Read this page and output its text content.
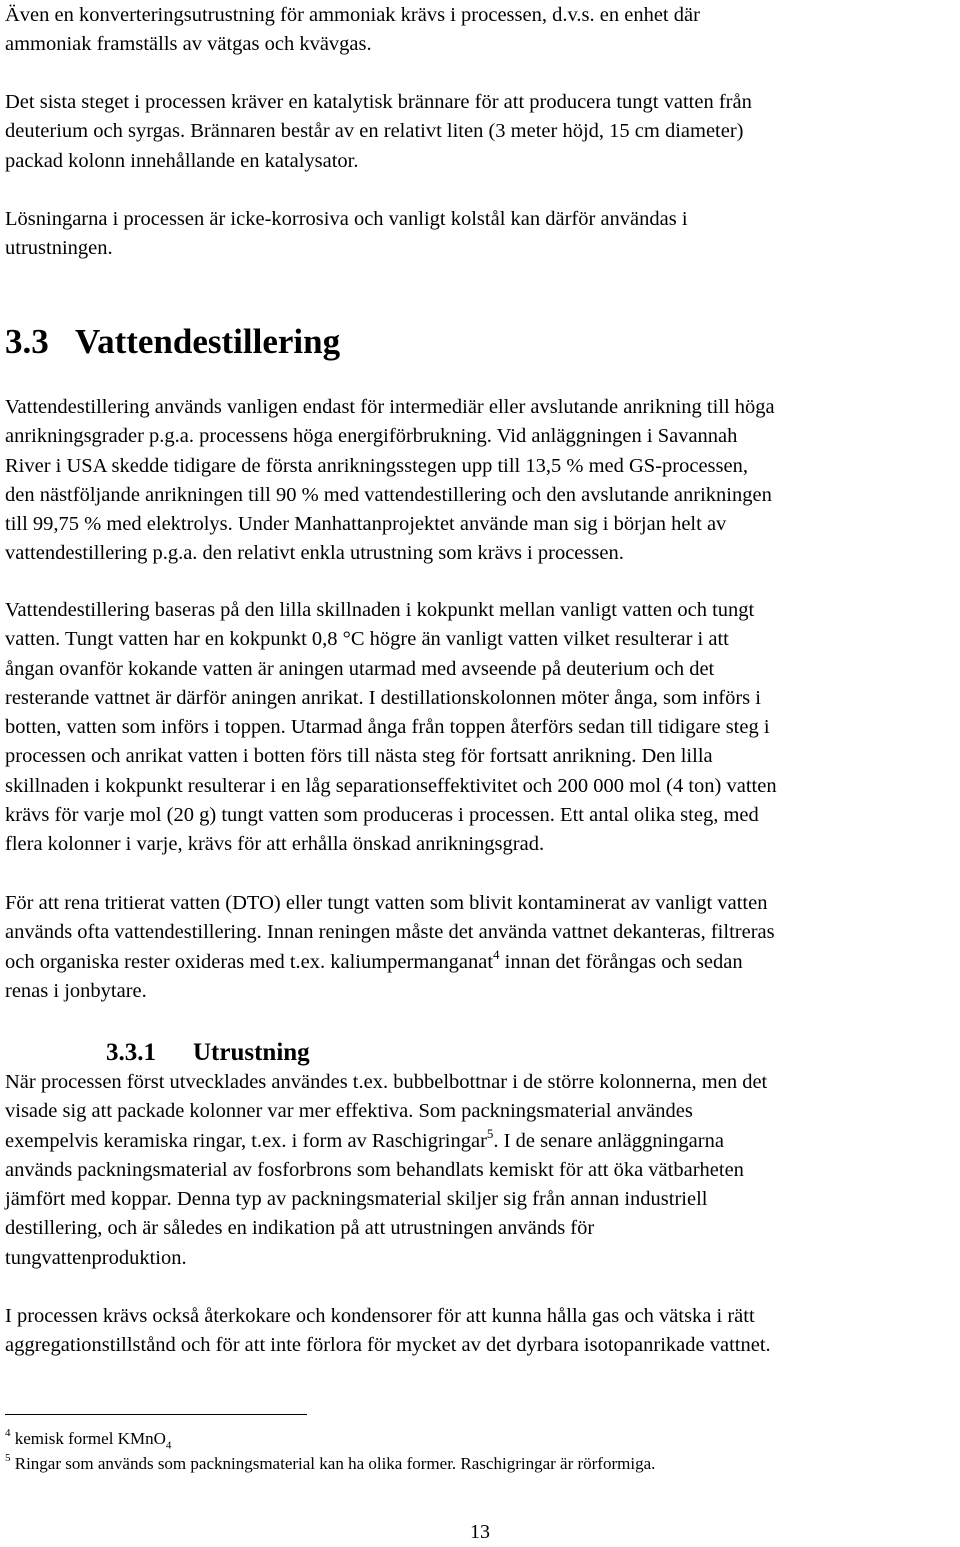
Även en konverteringsutrustning för ammoniak krävs i processen, d.v.s. en enhet där
ammoniak framställs av vätgas och kvävgas.

Det sista steget i processen kräver en katalytisk brännare för att producera tungt vatten från
deuterium och syrgas. Brännaren består av en relativt liten (3 meter höjd, 15 cm diameter)
packad kolonn innehållande en katalysator.

Lösningarna i processen är icke-korrosiva och vanligt kolstål kan därför användas i
utrustningen.

3.3 Vattendestillering

Vattendestillering används vanligen endast för intermediär eller avslutande anrikning till höga
anrikningsgrader p.g.a. processens höga energiförbrukning. Vid anläggningen i Savannah
River i USA skedde tidigare de första anrikningsstegen upp till 13,5 % med GS-processen,
den nästföljande anrikningen till 90 % med vattendestillering och den avslutande anrikningen
till 99,75 % med elektrolys. Under Manhattanprojektet använde man sig i början helt av
vattendestillering p.g.a. den relativt enkla utrustning som krävs i processen.

Vattendestillering baseras på den lilla skillnaden i kokpunkt mellan vanligt vatten och tungt
vatten. Tungt vatten har en kokpunkt 0,8 °C högre än vanligt vatten vilket resulterar i att
ångan ovanför kokande vatten är aningen utarmad med avseende på deuterium och det
resterande vattnet är därför aningen anrikat. I destillationskolonnen möter ånga, som införs i
botten, vatten som införs i toppen. Utarmad ånga från toppen återförs sedan till tidigare steg i
processen och anrikat vatten i botten förs till nästa steg för fortsatt anrikning. Den lilla
skillnaden i kokpunkt resulterar i en låg separationseffektivitet och 200 000 mol (4 ton) vatten
krävs för varje mol (20 g) tungt vatten som produceras i processen. Ett antal olika steg, med
flera kolonner i varje, krävs för att erhålla önskad anrikningsgrad.

För att rena tritierat vatten (DTO) eller tungt vatten som blivit kontaminerat av vanligt vatten
används ofta vattendestillering. Innan reningen måste det använda vattnet dekanteras, filtreras
och organiska rester oxideras med t.ex. kaliumpermanganat$^4$ innan det förångas och sedan
renas i jonbytare.

3.3.1 Utrustning

När processen först utvecklades användes t.ex. bubbelbottnar i de större kolonnerna, men det
visade sig att packade kolonner var mer effektiva. Som packningsmaterial användes
exempelvis keramiska ringar, t.ex. i form av Raschigringar$^5$. I de senare anläggningarna
används packningsmaterial av fosforbrons som behandlats kemiskt för att öka vätbarheten
jämfört med koppar. Denna typ av packningsmaterial skiljer sig från annan industriell
destillering, och är således en indikation på att utrustningen används för
tungvattenproduktion.

I processen krävs också återkokare och kondensorer för att kunna hålla gas och vätska i rätt
aggregationstillstånd och för att inte förlora för mycket av det dyrbara isotopanrikade vattnet.

$^4$ kemisk formel KMnO$_4$

$^5$ Ringar som används som packningsmaterial kan ha olika former. Raschigringar är rörformiga.

13
